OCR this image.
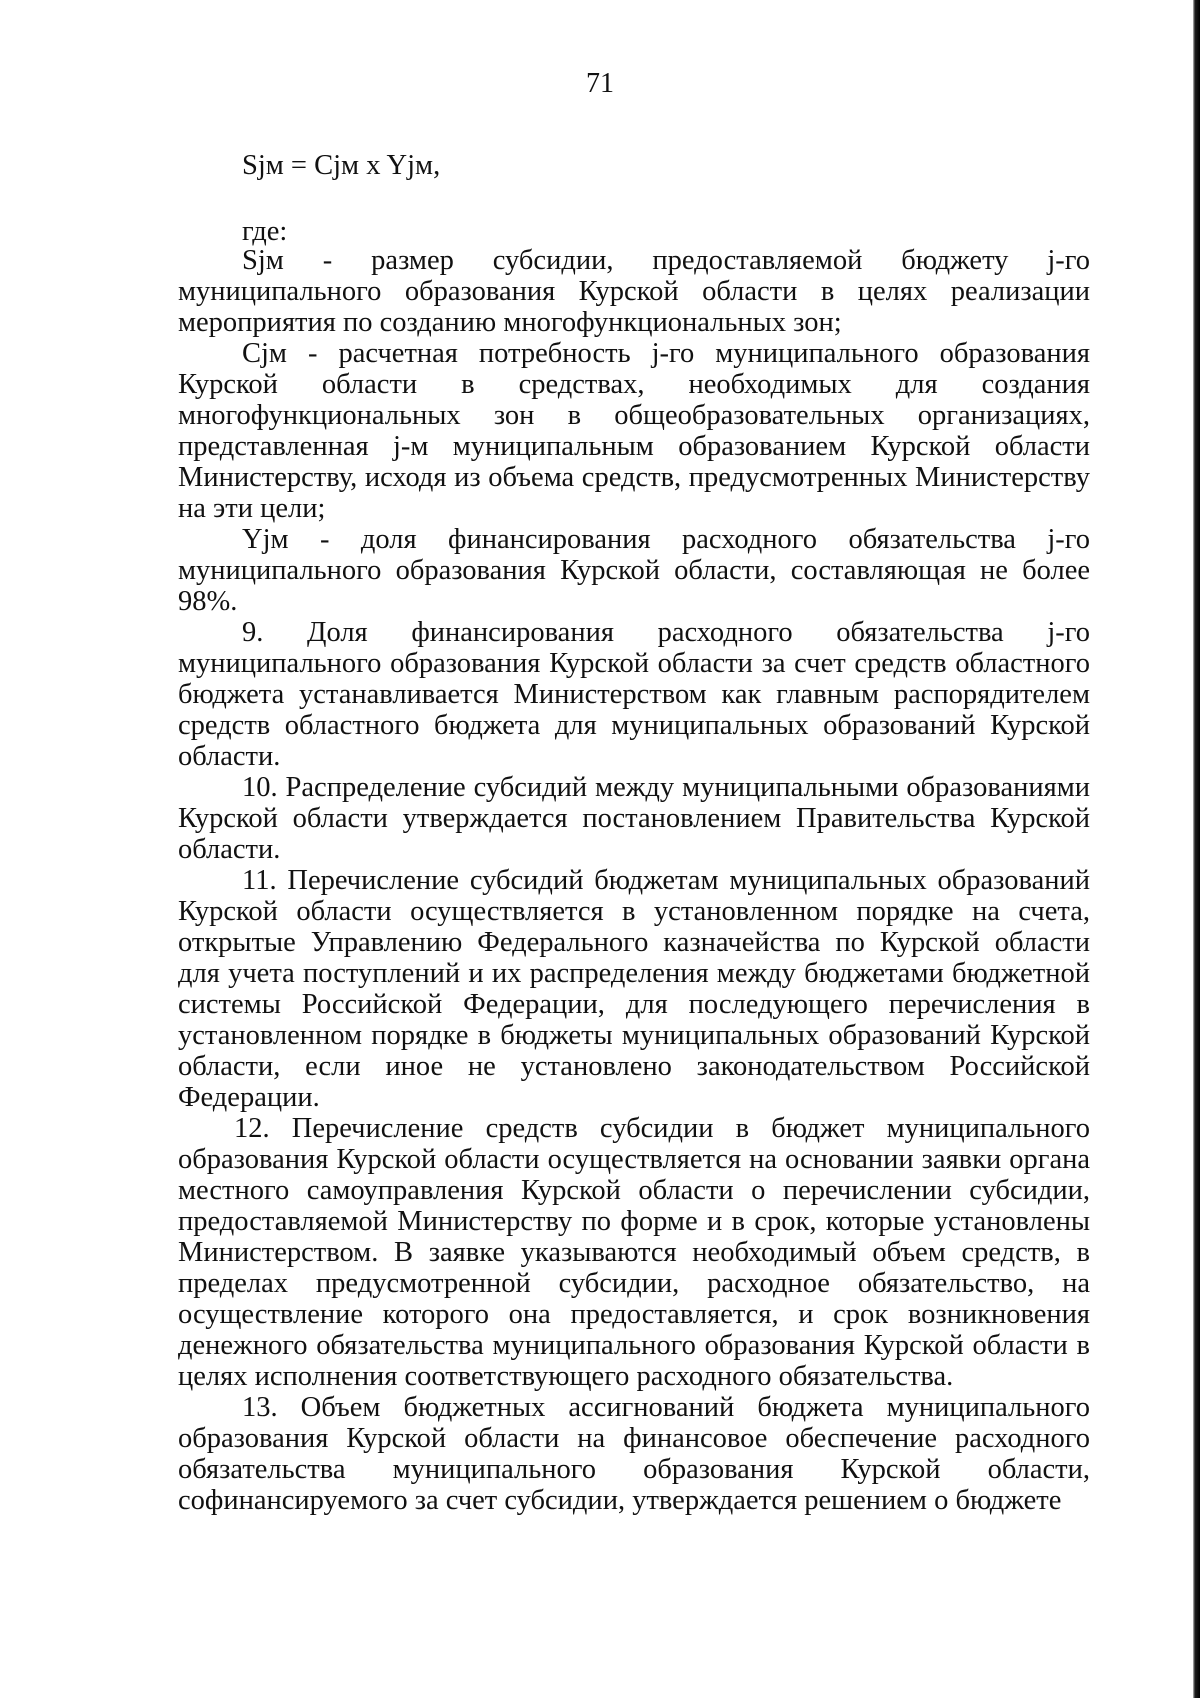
71

Sjм = Cjм x Yjм,

где:

Sjм - размер субсидии, предоставляемой бюджету j-го муниципального образования Курской области в целях реализации мероприятия по созданию многофункциональных зон;

Cjм - расчетная потребность j-го муниципального образования Курской области в средствах, необходимых для создания многофункциональных зон в общеобразовательных организациях, представленная j-м муниципальным образованием Курской области Министерству, исходя из объема средств, предусмотренных Министерству на эти цели;

Yjм - доля финансирования расходного обязательства j-го муниципального образования Курской области, составляющая не более 98%.

9. Доля финансирования расходного обязательства j-го муниципального образования Курской области за счет средств областного бюджета устанавливается Министерством как главным распорядителем средств областного бюджета для муниципальных образований Курской области.

10. Распределение субсидий между муниципальными образованиями Курской области утверждается постановлением Правительства Курской области.

11. Перечисление субсидий бюджетам муниципальных образований Курской области осуществляется в установленном порядке на счета, открытые Управлению Федерального казначейства по Курской области для учета поступлений и их распределения между бюджетами бюджетной системы Российской Федерации, для последующего перечисления в установленном порядке в бюджеты муниципальных образований Курской области, если иное не установлено законодательством Российской Федерации.

12. Перечисление средств субсидии в бюджет муниципального образования Курской области осуществляется на основании заявки органа местного самоуправления Курской области о перечислении субсидии, предоставляемой Министерству по форме и в срок, которые установлены Министерством. В заявке указываются необходимый объем средств, в пределах предусмотренной субсидии, расходное обязательство, на осуществление которого она предоставляется, и срок возникновения денежного обязательства муниципального образования Курской области в целях исполнения соответствующего расходного обязательства.

13. Объем бюджетных ассигнований бюджета муниципального образования Курской области на финансовое обеспечение расходного обязательства муниципального образования Курской области, софинансируемого за счет субсидии, утверждается решением о бюджете
